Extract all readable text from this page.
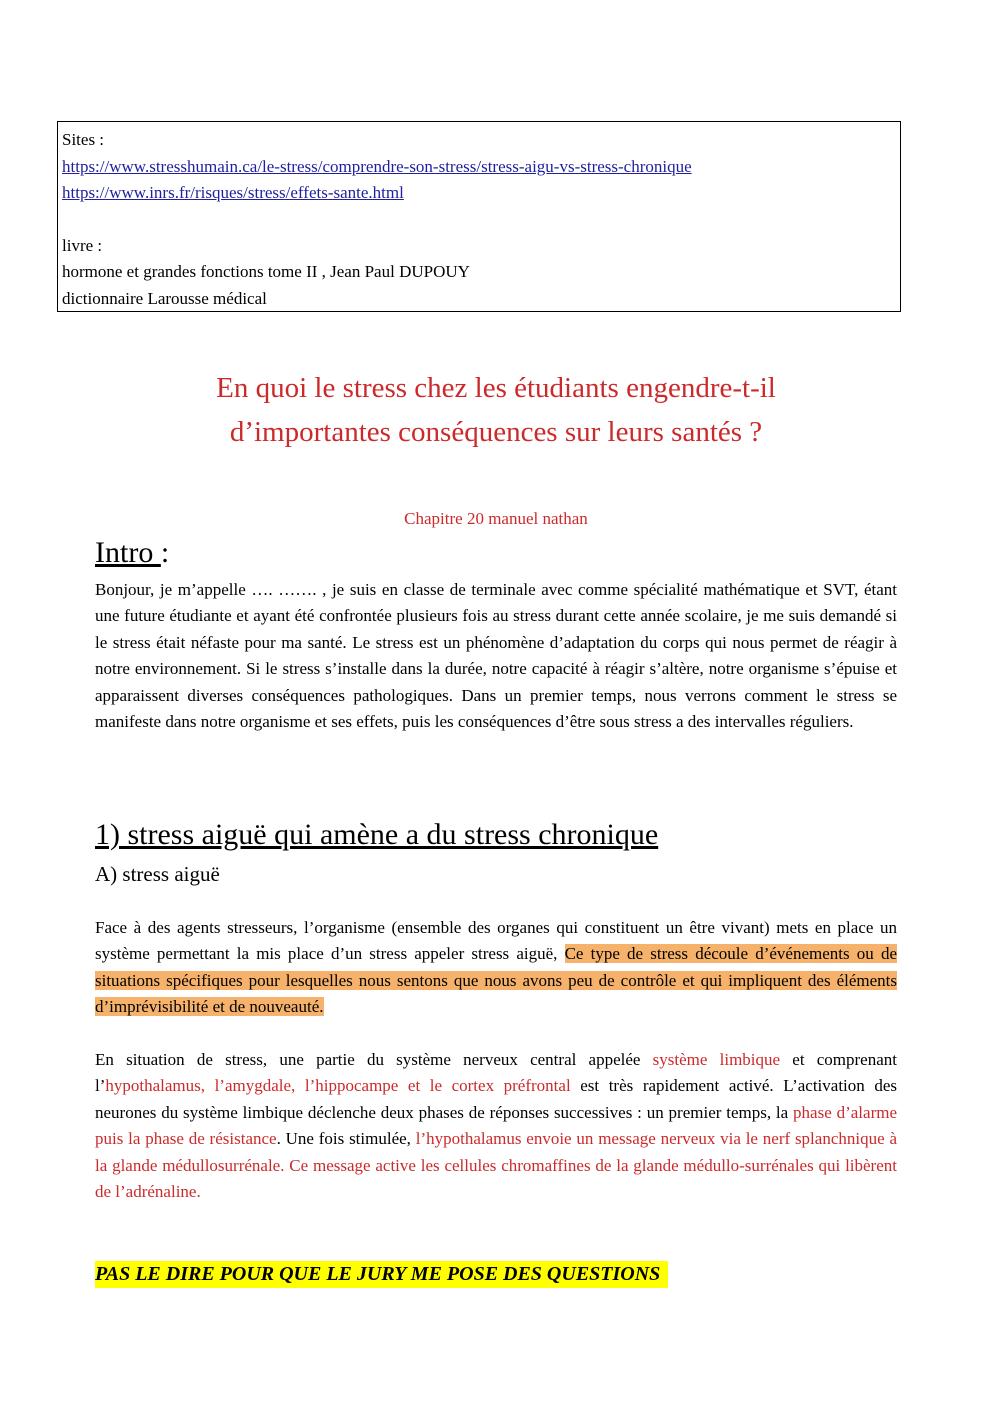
Sites :
https://www.stresshumain.ca/le-stress/comprendre-son-stress/stress-aigu-vs-stress-chronique
https://www.inrs.fr/risques/stress/effets-sante.html
livre :
hormone et grandes fonctions tome II , Jean Paul DUPOUY
dictionnaire Larousse médical
En quoi le stress chez les étudiants engendre-t-il
d’importantes conséquences sur leurs santés ?
Chapitre 20 manuel nathan
Intro :
Bonjour, je m’appelle …. ……. , je suis en classe de terminale avec comme spécialité mathématique et SVT, étant une future étudiante et ayant été confrontée plusieurs fois au stress durant cette année scolaire, je me suis demandé si le stress était néfaste pour ma santé. Le stress est un phénomène d’adaptation du corps qui nous permet de réagir à notre environnement. Si le stress s’installe dans la durée, notre capacité à réagir s’altère, notre organisme s’épuise et apparaissent diverses conséquences pathologiques. Dans un premier temps, nous verrons comment le stress se manifeste dans notre organisme et ses effets, puis les conséquences d’être sous stress a des intervalles réguliers.
1) stress aiguë qui amène a du stress chronique
A) stress aiguë
Face à des agents stresseurs, l’organisme (ensemble des organes qui constituent un être vivant) mets en place un système permettant la mis place d’un stress appeler stress aiguë, Ce type de stress découle d’événements ou de situations spécifiques pour lesquelles nous sentons que nous avons peu de contrôle et qui impliquent des éléments d’imprévisibilité et de nouveauté.
En situation de stress, une partie du système nerveux central appelée système limbique et comprenant l’hypothalamus, l’amygdale, l’hippocampe et le cortex préfrontal est très rapidement activé. L’activation des neurones du système limbique déclenche deux phases de réponses successives : un premier temps, la phase d’alarme puis la phase de résistance. Une fois stimulée, l’hypothalamus envoie un message nerveux via le nerf splanchnique à la glande médullosurrénale. Ce message active les cellules chromaffines de la glande médullo-surrénales qui libèrent de l’adrénaline.
PAS LE DIRE POUR QUE LE JURY ME POSE DES QUESTIONS
